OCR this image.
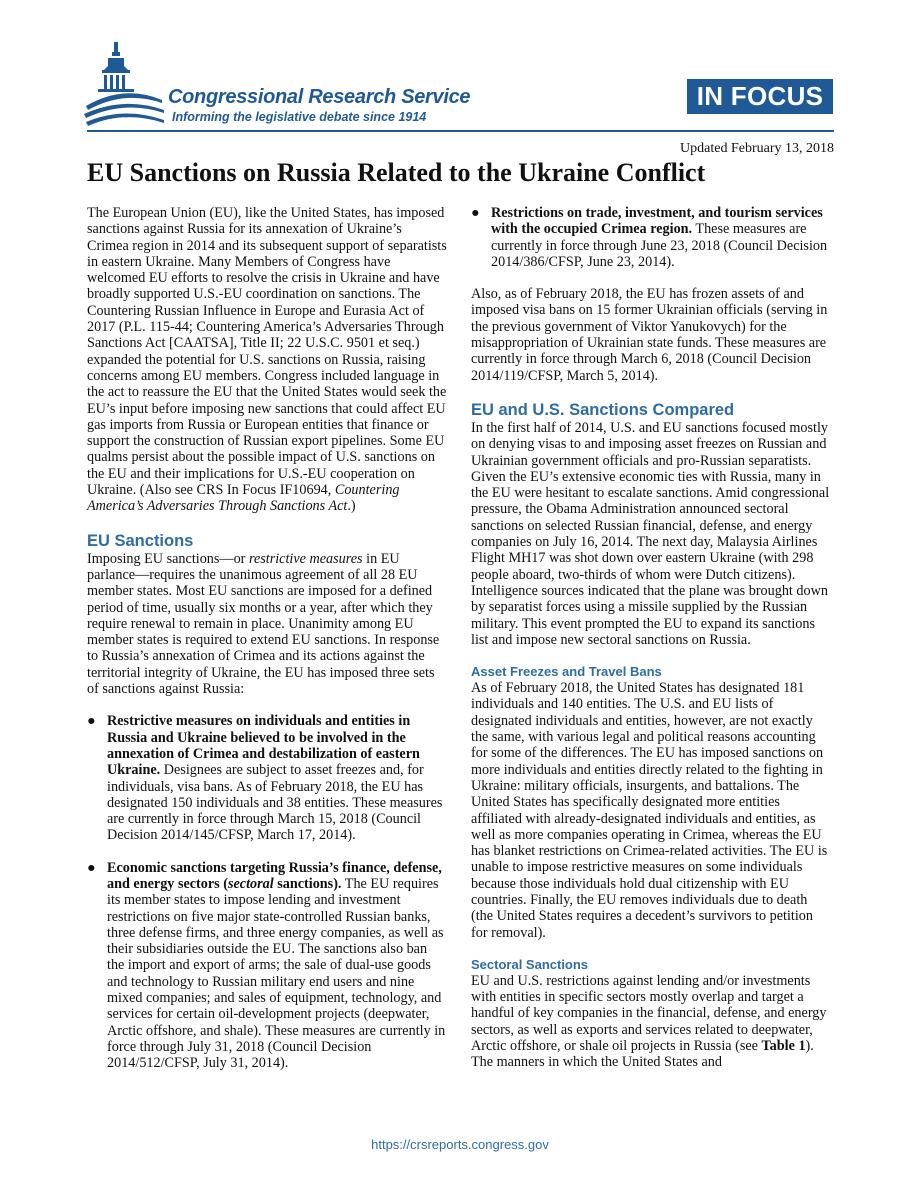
Congressional Research Service
Informing the legislative debate since 1914
IN FOCUS
Updated February 13, 2018
EU Sanctions on Russia Related to the Ukraine Conflict

The European Union (EU), like the United States, has imposed sanctions against Russia for its annexation of Ukraine’s Crimea region in 2014 and its subsequent support of separatists in eastern Ukraine. Many Members of Congress have welcomed EU efforts to resolve the crisis in Ukraine and have broadly supported U.S.-EU coordination on sanctions. The Countering Russian Influence in Europe and Eurasia Act of 2017 (P.L. 115-44; Countering America’s Adversaries Through Sanctions Act [CAATSA], Title II; 22 U.S.C. 9501 et seq.) expanded the potential for U.S. sanctions on Russia, raising concerns among EU members. Congress included language in the act to reassure the EU that the United States would seek the EU’s input before imposing new sanctions that could affect EU gas imports from Russia or European entities that finance or support the construction of Russian export pipelines. Some EU qualms persist about the possible impact of U.S. sanctions on the EU and their implications for U.S.-EU cooperation on Ukraine. (Also see CRS In Focus IF10694, Countering America’s Adversaries Through Sanctions Act.)

EU Sanctions

Imposing EU sanctions—or restrictive measures in EU parlance—requires the unanimous agreement of all 28 EU member states. Most EU sanctions are imposed for a defined period of time, usually six months or a year, after which they require renewal to remain in place. Unanimity among EU member states is required to extend EU sanctions. In response to Russia’s annexation of Crimea and its actions against the territorial integrity of Ukraine, the EU has imposed three sets of sanctions against Russia:

● Restrictive measures on individuals and entities in Russia and Ukraine believed to be involved in the annexation of Crimea and destabilization of eastern Ukraine. Designees are subject to asset freezes and, for individuals, visa bans. As of February 2018, the EU has designated 150 individuals and 38 entities. These measures are currently in force through March 15, 2018 (Council Decision 2014/145/CFSP, March 17, 2014).
● Economic sanctions targeting Russia’s finance, defense, and energy sectors (sectoral sanctions). The EU requires its member states to impose lending and investment restrictions on five major state-controlled Russian banks, three defense firms, and three energy companies, as well as their subsidiaries outside the EU. The sanctions also ban the import and export of arms; the sale of dual-use goods and technology to Russian military end users and nine mixed companies; and sales of equipment, technology, and services for certain oil-development projects (deepwater, Arctic offshore, and shale). These measures are currently in force through July 31, 2018 (Council Decision 2014/512/CFSP, July 31, 2014).
● Restrictions on trade, investment, and tourism services with the occupied Crimea region. These measures are currently in force through June 23, 2018 (Council Decision 2014/386/CFSP, June 23, 2014).

Also, as of February 2018, the EU has frozen assets of and imposed visa bans on 15 former Ukrainian officials (serving in the previous government of Viktor Yanukovych) for the misappropriation of Ukrainian state funds. These measures are currently in force through March 6, 2018 (Council Decision 2014/119/CFSP, March 5, 2014).

EU and U.S. Sanctions Compared

In the first half of 2014, U.S. and EU sanctions focused mostly on denying visas to and imposing asset freezes on Russian and Ukrainian government officials and pro-Russian separatists. Given the EU’s extensive economic ties with Russia, many in the EU were hesitant to escalate sanctions. Amid congressional pressure, the Obama Administration announced sectoral sanctions on selected Russian financial, defense, and energy companies on July 16, 2014. The next day, Malaysia Airlines Flight MH17 was shot down over eastern Ukraine (with 298 people aboard, two-thirds of whom were Dutch citizens). Intelligence sources indicated that the plane was brought down by separatist forces using a missile supplied by the Russian military. This event prompted the EU to expand its sanctions list and impose new sectoral sanctions on Russia.

Asset Freezes and Travel Bans

As of February 2018, the United States has designated 181 individuals and 140 entities. The U.S. and EU lists of designated individuals and entities, however, are not exactly the same, with various legal and political reasons accounting for some of the differences. The EU has imposed sanctions on more individuals and entities directly related to the fighting in Ukraine: military officials, insurgents, and battalions. The United States has specifically designated more entities affiliated with already-designated individuals and entities, as well as more companies operating in Crimea, whereas the EU has blanket restrictions on Crimea-related activities. The EU is unable to impose restrictive measures on some individuals because those individuals hold dual citizenship with EU countries. Finally, the EU removes individuals due to death (the United States requires a decedent’s survivors to petition for removal).

Sectoral Sanctions

EU and U.S. restrictions against lending and/or investments with entities in specific sectors mostly overlap and target a handful of key companies in the financial, defense, and energy sectors, as well as exports and services related to deepwater, Arctic offshore, or shale oil projects in Russia (see Table 1). The manners in which the United States and

https://crsreports.congress.gov
